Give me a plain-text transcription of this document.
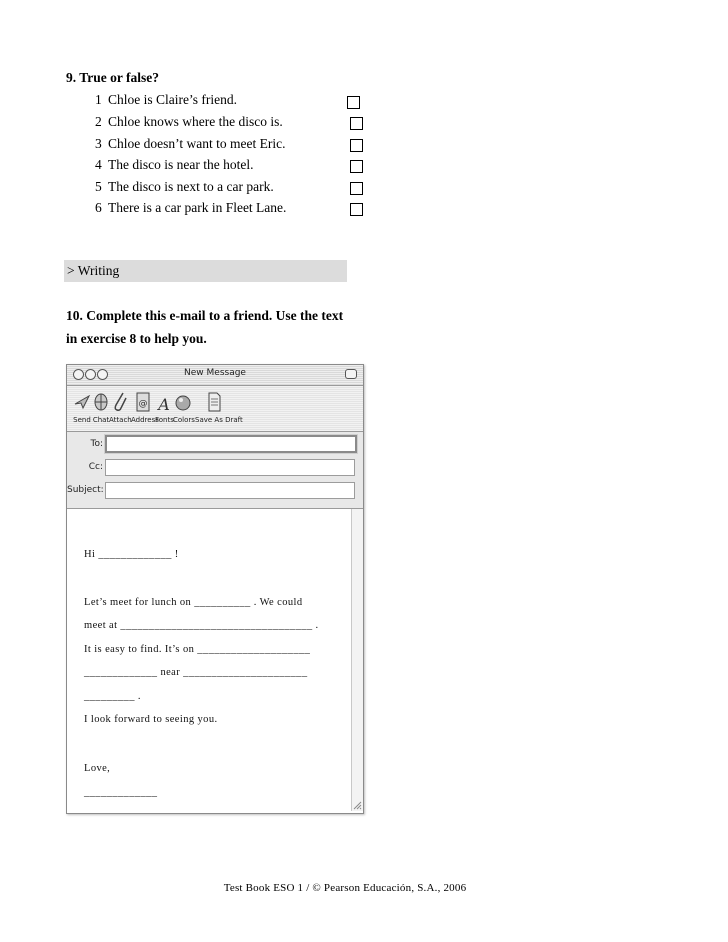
9. True or false?
1 Chloe is Claire’s friend.
2 Chloe knows where the disco is.
3 Chloe doesn’t want to meet Eric.
4 The disco is near the hotel.
5 The disco is next to a car park.
6 There is a car park in Fleet Lane.
> Writing
10. Complete this e-mail to a friend. Use the text in exercise 8 to help you.
New Message
Send Chat Attach
@
Address
A
Fonts Colors Save As Draft
To:
Cc:
Subject:
Hi _____________ !
Let’s meet for lunch on __________ . We could
meet at __________________________________ .
It is easy to find. It’s on ____________________
_____________ near ______________________
_________ .
I look forward to seeing you.
Love,
_____________
Test Book ESO 1 / © Pearson Educación, S.A., 2006
